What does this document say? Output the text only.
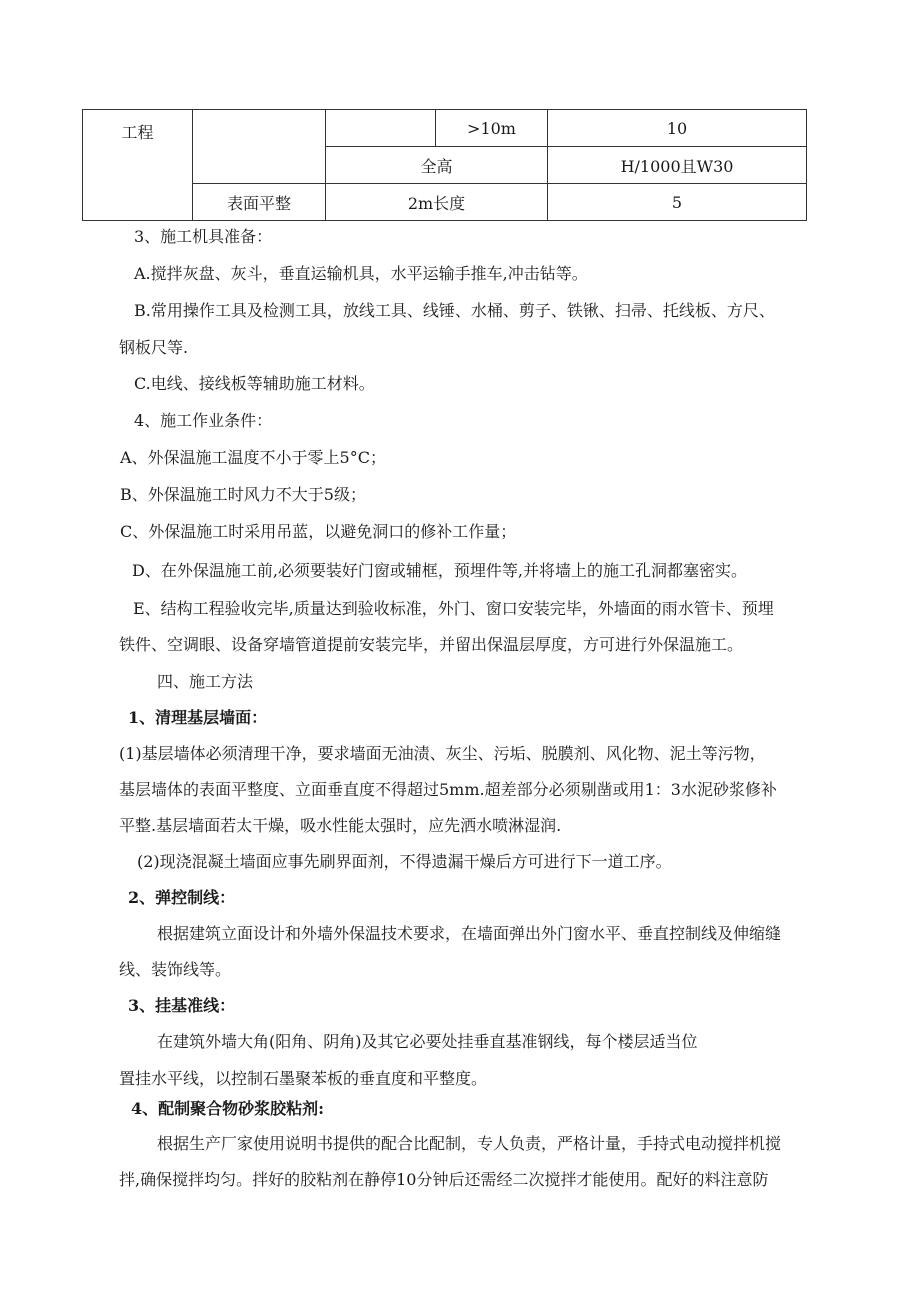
工程			>10m	10
		全高		H/1000且W30
	表面平整	2m长度		5
3、施工机具准备：
A.搅拌灰盘、灰斗，垂直运输机具，水平运输手推车,冲击钻等。
B.常用操作工具及检测工具，放线工具、线锤、水桶、剪子、铁锹、扫帚、托线板、方尺、
钢板尺等.
C.电线、接线板等辅助施工材料。
4、施工作业条件：
A、外保温施工温度不小于零上5°C；
B、外保温施工时风力不大于5级；
C、外保温施工时采用吊蓝，以避免洞口的修补工作量；
D、在外保温施工前,必须要装好门窗或辅框，预埋件等,并将墙上的施工孔洞都塞密实。
E、结构工程验收完毕,质量达到验收标准，外门、窗口安装完毕，外墙面的雨水管卡、预埋
铁件、空调眼、设备穿墙管道提前安装完毕，并留出保温层厚度，方可进行外保温施工。
四、施工方法
1、清理基层墙面：
(1)基层墙体必须清理干净，要求墙面无油渍、灰尘、污垢、脱膜剂、风化物、泥土等污物，
基层墙体的表面平整度、立面垂直度不得超过5mm.超差部分必须剔凿或用1：3水泥砂浆修补
平整.基层墙面若太干燥，吸水性能太强时，应先洒水喷淋湿润.
(2)现浇混凝土墙面应事先刷界面剂，不得遗漏干燥后方可进行下一道工序。
2、弹控制线：
根据建筑立面设计和外墙外保温技术要求，在墙面弹出外门窗水平、垂直控制线及伸缩缝
线、装饰线等。
3、挂基准线：
在建筑外墙大角(阳角、阴角)及其它必要处挂垂直基准钢线，每个楼层适当位
置挂水平线，以控制石墨聚苯板的垂直度和平整度。
4、配制聚合物砂浆胶粘剂:
根据生产厂家使用说明书提供的配合比配制，专人负责，严格计量，手持式电动搅拌机搅
拌,确保搅拌均匀。拌好的胶粘剂在静停10分钟后还需经二次搅拌才能使用。配好的料注意防
